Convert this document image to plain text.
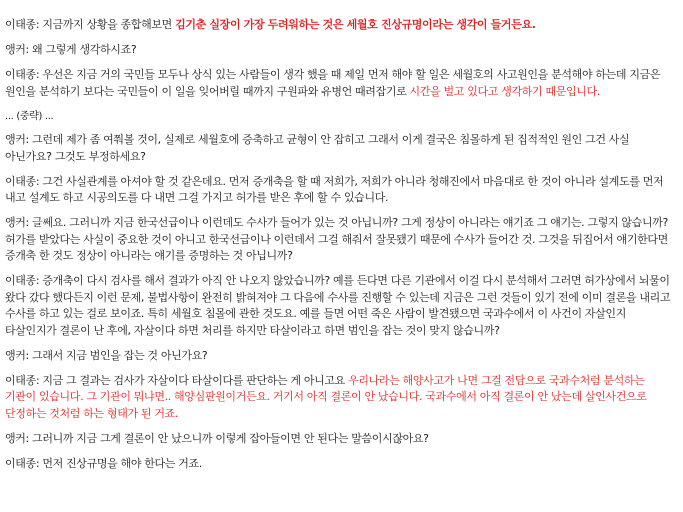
이태종: 지금까지 상황을 종합해보면 김기춘 실장이 가장 두려워하는 것은 세월호 진상규명이라는 생각이 들거든요.

앵커: 왜 그렇게 생각하시죠?

이태종: 우선은 지금 거의 국민들 모두나 상식 있는 사람들이 생각 했을 때 제일 먼저 해야 할 일은 세월호의 사고원인을 분석해야 하는데 지금은 원인을 분석하기 보다는 국민들이 이 일을 잊어버릴 때까지 구원파와 유병언 때려잡기로 시간을 벌고 있다고 생각하기 때문입니다.

... (중략) ...

앵커: 그런데 제가 좀 여쭤볼 것이, 실제로 세월호에 증축하고 균형이 안 잡히고 그래서 이게 결국은 침몰하게 된 집적적인 원인 그건 사실 아닌가요? 그것도 부정하세요?

이태종: 그건 사실관계를 아셔야 할 것 같은데요. 먼저 증개축을 할 때 저희가, 저희가 아니라 청해진에서 마음대로 한 것이 아니라 설계도를 먼저 내고 설계도 하고 시공의도를 다 내면 그걸 가지고 허가를 받은 후에 할 수 있습니다.

앵커: 글쎄요. 그러니까 지금 한국선급이나 이런데도 수사가 들어가 있는 것 아닙니까? 그게 정상이 아니라는 얘기죠 그 얘기는. 그렇지 않습니까? 허가를 받았다는 사실이 중요한 것이 아니고 한국선급이나 이런데서 그걸 해줘서 잘못됐기 때문에 수사가 들어간 것. 그것을 뒤집어서 얘기한다면 증개축 한 것도 정상이 아니라는 얘기를 증명하는 것 아닙니까?

이태종: 증개축이 다시 검사를 해서 결과가 아직 안 나오지 않았습니까? 예를 든다면 다른 기관에서 이걸 다시 분석해서 그러면 허가상에서 뇌물이 왔다 갔다 했다든지 이런 문제, 불법사항이 완전히 밝혀져야 그 다음에 수사를 진행할 수 있는데 지금은 그런 것들이 있기 전에 이미 결론을 내리고 수사를 하고 있는 걸로 보이죠. 특히 세월호 침몰에 관한 것도요. 예를 들면 어떤 죽은 사람이 발견됐으면 국과수에서 이 사건이 자살인지 타살인지가 결론이 난 후에, 자살이다 하면 처리를 하지만 타살이라고 하면 범인을 잡는 것이 맞지 않습니까?

앵커: 그래서 지금 범인을 잡는 것 아닌가요?

이태종: 지금 그 결과는 검사가 자살이다 타살이다를 판단하는 게 아니고요 우리나라는 해양사고가 나면 그걸 전담으로 국과수처럼 분석하는 기관이 있습니다. 그 기관이 뭐냐면.. 해양심판원이거든요. 거기서 아직 결론이 안 났습니다. 국과수에서 아직 결론이 안 났는데 살인사건으로 단정하는 것처럼 하는 형태가 된 거죠.

앵커: 그러니까 지금 그게 결론이 안 났으니까 이렇게 잡아들이면 안 된다는 말씀이시잖아요?

이태종: 먼저 진상규명을 해야 한다는 거죠.
